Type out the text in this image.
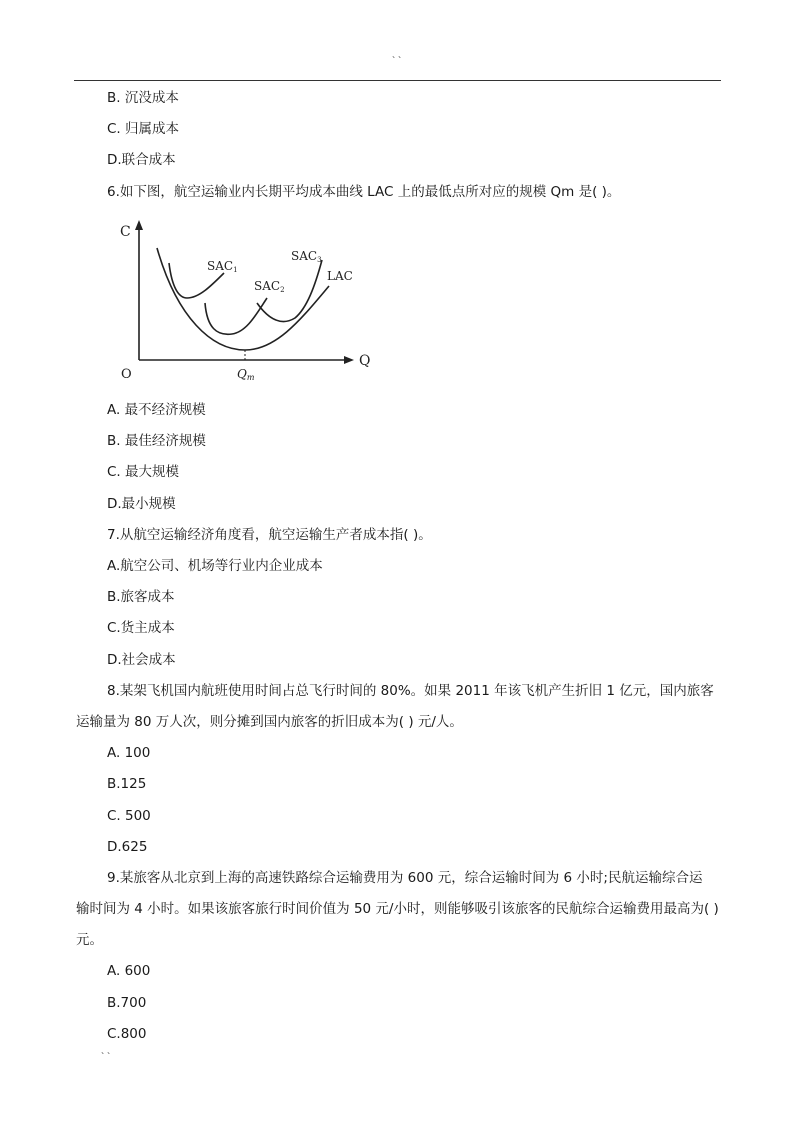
``
B. 沉没成本
C. 归属成本
D.联合成本
6.如下图，航空运输业内长期平均成本曲线 LAC 上的最低点所对应的规模 Qm 是( )。
C
Q
O	Qm
SAC1
SAC2
SAC3
LAC
A. 最不经济规模
B. 最佳经济规模
C. 最大规模
D.最小规模
7.从航空运输经济角度看，航空运输生产者成本指( )。
A.航空公司、机场等行业内企业成本
B.旅客成本
C.货主成本
D.社会成本
8.某架飞机国内航班使用时间占总飞行时间的 80%。如果 2011 年该飞机产生折旧 1 亿元，国内旅客
运输量为 80 万人次，则分摊到国内旅客的折旧成本为( ) 元/人。
A. 100
B.125
C. 500
D.625
9.某旅客从北京到上海的高速铁路综合运输费用为 600 元，综合运输时间为 6 小时;民航运输综合运
输时间为 4 小时。如果该旅客旅行时间价值为 50 元/小时，则能够吸引该旅客的民航综合运输费用最高为( )
元。
A. 600
B.700
C.800
``
